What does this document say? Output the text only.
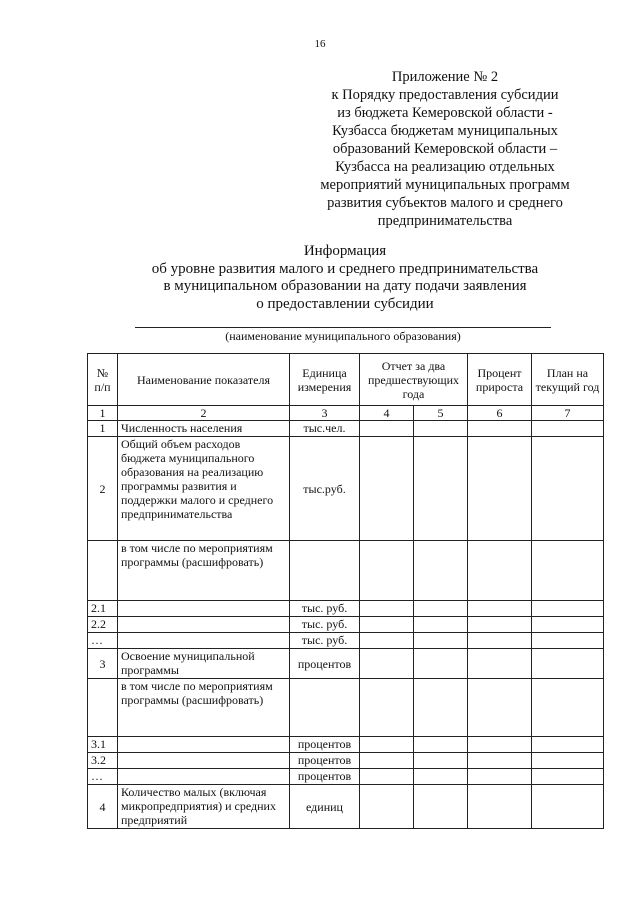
16
Приложение № 2
к Порядку предоставления субсидии
из бюджета Кемеровской области -
Кузбасса бюджетам муниципальных
образований Кемеровской области –
Кузбасса на реализацию отдельных
мероприятий муниципальных программ
развития субъектов малого и среднего
предпринимательства
Информация
об уровне развития малого и среднего предпринимательства
в муниципальном образовании на дату подачи заявления
о предоставлении субсидии
(наименование муниципального образования)
№ п/п	Наименование показателя	Единица измерения	Отчет за два предшествующих года		Процент прироста	План на текущий год

1	2	3	4	5	6	7
1	Численность населения	тыс.чел.				
2	Общий объем расходов бюджета муниципального образования на реализацию программы развития и поддержки малого и среднего предпринимательства	тыс.руб.				
	в том числе по мероприятиям программы (расшифровать)					
2.1		тыс. руб.				
2.2		тыс. руб.				
…		тыс. руб.				
3	Освоение муниципальной программы	процентов				
	в том числе по мероприятиям программы (расшифровать)					
3.1		процентов				
3.2		процентов				
…		процентов				
4	Количество малых (включая микропредприятия) и средних предприятий	единиц				
